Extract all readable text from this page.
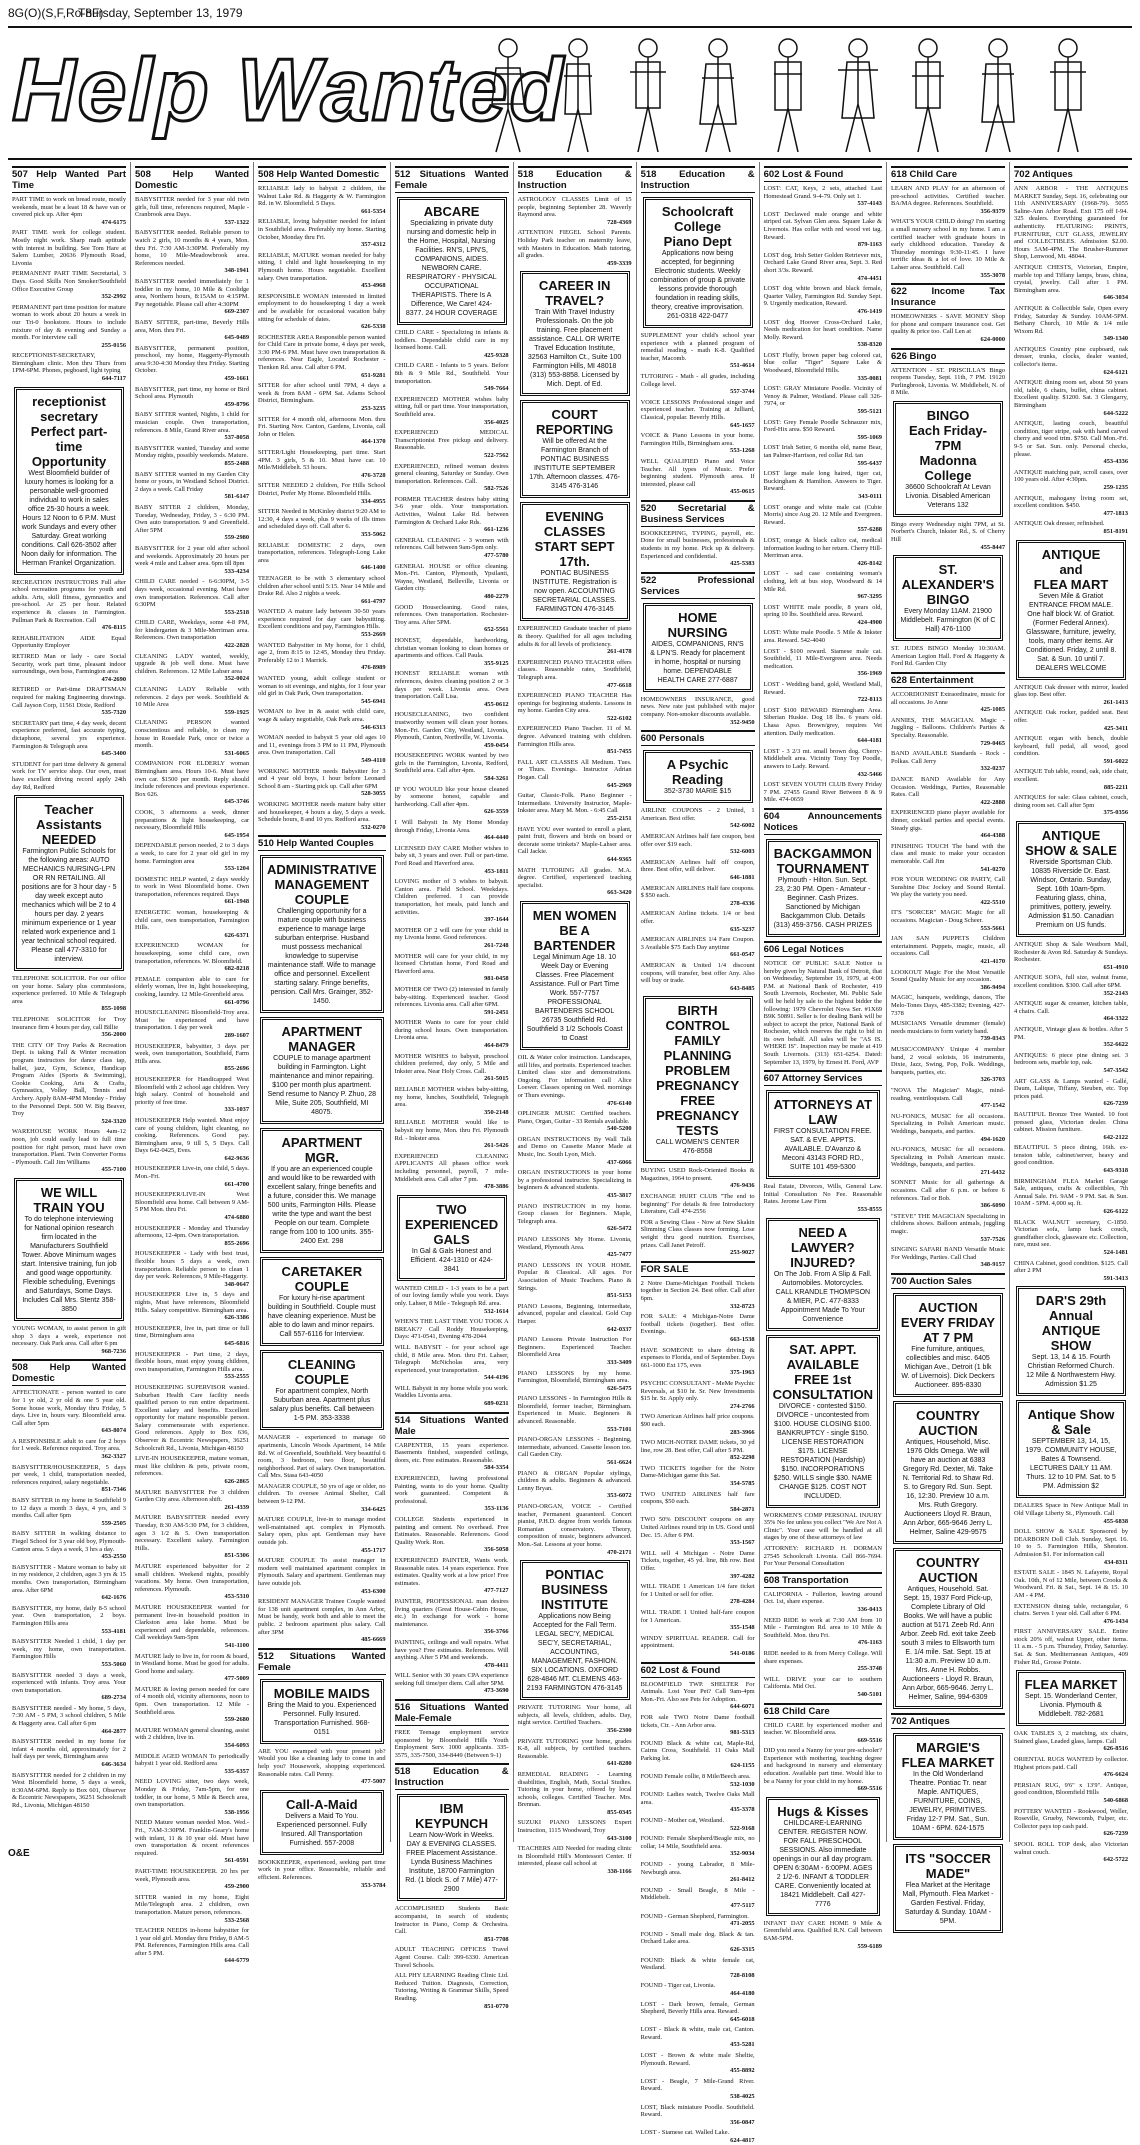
8G(O)(S,F,Ro-8F)
Thursday, September 13, 1979
Help Wanted
507 Help Wanted Part Time
PART TIME to work on bread route, mostly weekends, must be a least 18 & have van or covered pick up. After 4pm
474-6175
PART TIME work for college student. Mostly night work. Sharp math aptitude with interest in building. See Tom Hare at Salem Lumber, 20636 Plymouth Road, Livonia
PERMANENT PART TIME Secretarial, 3 Days. Good Skills Non Smoker/Southfield Office Executive Group
352-2992
PERMANENT part time position for mature woman to work about 20 hours a week in our Tri-0 bookstore. Hours to include mixture of day & evening and Sunday a month. For interview call
255-0156
RECEPTIONIST-SECRETARY, Birmingham clinic. Mon thru Thurs from 1PM-6PM. Phones, pegboard, light typing
644-7117
receptionist
secretary
Perfect part-time Opportunity
West Bloomfield builder of luxury homes is looking for a personable well-groomed individual to work in sales office 25-30 hours a week. Hours 12 Noon to 6 P.M. Must work Sundays and every other Saturday. Great working conditions. Call 626-3502 after Noon daily for information. The Herman Frankel Organization.
RECREATION INSTRUCTORS Full after school recreation programs for youth and adults. Arts, skill fitness, gymnastics and pre-school. Ar 25 per hour. Related experience & classes in Farmington. Pullman Park & Recreation. Call
476-8115
REHABILITATION AIDE Equal Opportunity Employer
RETIRED Man or lady - care Social Security, work part time, pleasant indoor surroundings, own boss, Farmington area
474-2690
RETIRED or Part-time DRAFTSMAN required for making Engineering drawings. Call Jayson Corp, 11561 Dixie, Redford
535-7320
SECRETARY part time, 4 day week, decent experience preferred, fast accurate typing, dictaphone, several yrs experience. Farmington & Telegraph area
645-3400
STUDENT for part time delivery & general work for TV service shop. Our own, must have excellent driving record apply 24th day Rd, Redford
Teacher Assistants NEEDED
Farmington Public Schools for the following areas: AUTO MECHANICS NURSING-LPN OR RN RETAILING. All positions are for 3 hour day - 5 day week except auto mechanics which will be 2 to 4 hours per day. 2 years minimum experience or 1 year related work experience and 1 year technical school required. Please call 477-3310 for interview.
TELEPHONE SOLICITOR. For our office on your home. Salary plus commissions, experience preferred. 10 Mile & Telegraph area
855-1098
TELEPHONE SOLICITOR for Troy insurance firm 4 hours per day, call Billie
356-2000
THE CITY OF Troy Parks & Recreation Dept. is taking Fall & Winter recreation program instructors for dance class tap, ballet, jazz, Gym, Science, Handicap Program Aides (Sports & Swimming), Cookie Cooking, Arts & Crafts, Gymnastics, Volley Ball, Tennis and Archery. Apply 8AM-4PM Monday - Friday to the Personnel Dept. 500 W. Big Beaver, Troy
524-3320
WAREHOUSE WORK Hours 4am-12 noon, job could easily lead to full time position for right person, must have own transportation. Plant. Twin Converter Forms - Plymouth. Call Jim Williams
455-7100
WE WILL TRAIN YOU
To do telephone interviewing for National opinion research firm located in the Manufacturers Southfield Tower. Above Minimum wages start. Intensive training, fun job and good wage opportunity. Flexible scheduling, Evenings and Saturdays, Some Days. Includes Call Mrs. Stentz 358-3850
YOUNG WOMAN, to assist person in gift shop 3 days a week, experience not necessary. Oak Park area. Call after 6 pm
968-7236
508 Help Wanted Domestic
AFFECTIONATE - person wanted to care for 1 yr old, 2 yr old & one 5 year old. Some house work, Monday thru Friday, 5 days. Live in, hours vary. Bloomfield area. Call after 5pm
643-8074
A RESPONSIBLE adult to care for 2 boys for 1 week. Reference required. Troy area.
362-3327
BABYSITTER/HOUSEKEEPER, 5 days per week, 1 child, transportation needed, references required, salary negotiable.
851-7346
BABY SITTER in my home in Southfield 9 to 12 days a month 3 days, 4 yrs, and 3 months. Call after 6pm
559-2505
BABY SITTER in walking distance to Fiegel School for 3 year old boy, Plymouth-Canton area. 5 days a week, 3 hrs a day.
453-2550
BABYSITTER - Mature woman to baby sit in my residence, 2 children, ages 3 yrs & 15 months. Own transportation, Birmingham area. After 6PM
642-1676
BABYSITTER, my home, daily 8-5 school year. Own transportation, 2 boys. Farmington Hills area
553-4181
BABYSITTER Needed 1 child, 1 day per week, my home, own transportation. Farmington Hills
553-5060
BABYSITTER needed 3 days a week, experienced with infants. Troy area. Your own transportation.
689-2734
BABYSITTER needed - My home, 5 days, 7:30 AM - 5 PM, 3 school children, 5 Mile & Haggerty area. Call after 6 pm
464-2877
BABYSITTER needed in my home for infant 4 months old, approximately for 2 half days per week, Birmingham area
646-3634
BABYSITTER needed for 2 children in my West Bloomfield home, 5 days a week, 8:30AM-6PM. Reply to Box 601, Observer & Eccentric Newspapers, 36251 Schoolcraft Rd., Livonia, Michigan 48150
508 Help Wanted Domestic
BABYSITTER needed for 3 year old twin girls, full time, references required, Maple - Cranbrook area Days.
537-1322
BABYSITTER needed. Reliable person to watch 2 girls, 10 months & 4 years, Mon. thru Fri. 7:30 AM-3:30PM. Preferably my home, 10 Mile-Meadowbrook area. References needed.
348-1941
BABYSITTER needed immediately for 1 toddler in my home, 10 Mile & Coolidge area, Northern hours, 8:15AM to 4:15PM. Pay negotiable. Please call after 4:30PM
669-2307
BABY SITTER, part-time, Beverly Hills area, Mon. thru Fri.
645-0489
BABYSITTER, permanent position, preschool, my home, Haggerty-Plymouth area 9:30-4:30 Monday thru Friday. Starting October.
459-1661
BABYSITTER, part time, my home or Bird School area. Plymouth
459-8796
BABY SITTER wanted, Nights, 1 child for musician couple. Own transportation, references. 8 Mile, Grand River area.
537-8058
BABYSITTER wanted, Tuesday and some Monday nights, possibly weekends. Mature.
855-2488
BABY SITTER wanted in my Garden City home or yours, in Westland School District. 2 days a week. Call Friday
581-6147
BABY SITTER 2 children, Monday, Tuesday, Wednesday, Friday, 3 - 6:30 PM. Own auto transportation. 9 and Greenfield. After 5PM
559-2980
BABYSITTER for 2 year old after school and weekends. Approximately 20 hours per week 4 mile and Lahser area. 6pm till 8pm
533-4234
CHILD CARE needed - 6-6:30PM, 3-5 days week, occasional evening. Must have own transportation. References. Call after 6:30PM
553-2518
CHILD CARE, Weekdays, some 4-8 PM, for kindergarten & 3 Mile-Merriman area. References. Own transportation
422-2828
CLEANING LADY wanted, weekly, upgrade & job well done. Must have children. References. 12 Mile Lahser area
352-0024
CLEANING LADY Reliable with references. 2 days per week. Southfield & 10 Mile Area
559-1925
CLEANING PERSON wanted conscientious and reliable, to clean my house in Rosedale Park, once or twice a month.
531-6065
COMPANION FOR ELDERLY woman Birmingham area. Hours 10-6. Must have own car. $1500 per month. Reply should include references and previous experience. Box 626.
645-3746
COOK, 3 afternoons a week, dinner preparations & light housekeeping, car necessary, Bloomfield Hills
645-1954
DEPENDABLE person needed, 2 to 3 days a week, to care for 2 year old girl in my home. Farmington area
553-1204
DOMESTIC HELP wanted, 2 days weekly to work in West Bloomfield home. Own transportation, references required. Days
661-1948
ENERGETIC woman, housekeeping & child care, own transportation, Farmington Hills.
626-6371
EXPERIENCED WOMAN for housekeeping, some child care, own transportation, references. W. Bloomfield.
682-8218
FEMALE companion able to care for elderly woman, live in, light housekeeping, cooking, laundry. 12 Mile-Greenfield area.
661-0796
HOUSECLEANING Bloomfield-Troy area. Must be experienced and have transportation. 1 day per week
289-1607
HOUSEKEEPER, babysitter, 3 days per week, own transportation, Southfield, Farm Hills area.
855-2696
HOUSEKEEPER for Handicapped West Bloomfield with 2 school age children. Very high salary. Control of household and priority of free time.
333-1037
HOUSEKEEPER Help wanted. Must enjoy care of young children, light cleaning, no cooking. References. Good pay. Birmingham area, 9 till 5, 5 Days. Call Days 642-0425, Eves.
642-9636
HOUSEKEEPER Live-in, one child, 5 days. Mon.-Fri.
661-4700
HOUSEKEEPER/LIVE-IN West Bloomfield area home. Call between 9 AM-5 PM Mon. thru Fri.
474-6880
HOUSEKEEPER - Monday and Thursday afternoons, 12-4pm. Own transportation.
855-2696
HOUSEKEEPER - Lady with best trust, flexible hours 5 days a week, own transportation. Reliable person to clean 1 day per week. References, 9 Mile-Haggerty.
348-0647
HOUSEKEEPER Live in, 5 days and nights, Must have references, Bloomfield Hills. Salary competitive. Birmingham area.
626-3386
HOUSEKEEPER, live in, part time or full time, Birmingham area
645-6816
HOUSEKEEPER - Part time, 2 days, flexible hours, must enjoy young children, own transportation, Farmington Hills area.
553-2555
HOUSEKEEPING SUPERVISOR wanted. Suburban Health Care facility needs qualified person to run entire department. Excellent salary and benefits. Excellent opportunity for mature responsible person. Salary commensurate with experience. Good references. Apply to Box 636, Observer & Eccentric Newspapers, 36251 Schoolcraft Rd., Livonia, Michigan 48150
LIVE-IN HOUSEKEEPER, mature woman, must like children & pets, private room, references.
626-2865
MATURE BABYSITTER For 3 children Garden City area. Afternoon shift.
261-4339
MATURE BABYSITTER needed every Tuesday, 8:30 AM-5:30 PM, for 3 children, ages 3 1/2 & 5. Own transportation necessary. Excellent salary. Farmington Hills.
851-5306
MATURE experienced babysitter for 2 small children. Weekend nights, possibly vacations. My home. Own transportation, references. Plymouth.
453-5310
MATURE HOUSEKEEPER wanted for permanent live-in household position in Clarkston area lake home. Must be experienced and dependable, references. Call weekdays 9am-5pm
541-1100
MATURE lady to live in, for room & board, in Westland home. Must be good for adults. Good home and salary.
477-5009
MATURE & loving person needed for care of 4 month old, vicinity afternoons, noon to 6pm. Own transportation. 12 Mile - Southfield area.
559-2680
MATURE WOMAN general cleaning, assist with 2 children, live in.
354-6093
MIDDLE AGED WOMAN To periodically babysit 1 year old. Redford area
535-6357
NEED LOVING sitter, two days week, Monday & Friday, 7am-5pm, for one toddler, in our home, 5 Mile & Beech area, own transportation.
538-1956
NEED Mature woman needed Mon. Wed.-Fri., 7AM-3:30PM. Franklin-Geary's home with infant, 11 & 10 year old. Must have own transportation & recent references required.
561-0591
PART-TIME HOUSEKEEPER. 20 hrs per week, Plymouth area.
459-2900
SITTER wanted in my home, Eight Mile/Telegraph area. 2 children, own transportation. Mature person, references.
533-2568
TEACHER NEEDS in-home babysitter for 1 year old girl. Monday thru Friday, 8 AM-5 PM. References, Farmington Hills area. Call after 5 PM.
644-6779
508 Help Wanted Domestic
RELIABLE lady to babysit 2 children, the Walnut Lake Rd. & Haggerty & W. Farmington Rd. in W. Bloomfield. 5 Days.
661-5354
RELIABLE, loving babysitter needed for infant in Southfield area. Preferably my home. Starting October, Monday thru Fri.
357-4312
RELIABLE, MATURE woman needed for baby sitting, 1 child and light housekeeping in my Plymouth home. Hours negotiable. Excellent salary. Own transportation.
453-4968
RESPONSIBLE WOMAN interested in limited employment to do housekeeping 1 day a week and be available for occasional vacation baby sitting for schedule of dates.
626-5338
ROCHESTER AREA Responsible person wanted for Child Care in private home, 4 days per week, 3:30 PM-6 PM. Must have own transportation & references. Near Eagle, Located Rochester - Tienken Rd. area. Call after 6 PM.
651-9281
SITTER for after school until 7PM, 4 days a week & from 8AM - 6PM Sat. Adams School District, Birmingham.
253-3235
SITTER for 4 month old, afternoons Mon. thru Fri. Starting Nov. Canton, Gardens, Livonia, call John or Helen.
464-1370
SITTER/Light Housekeeping, part time. Start 4PM. 3 girls, 5 & 10. Must have car. 10 Mile/Middlebelt. 53 hours.
476-3728
SITTER NEEDED 2 children, For Hills School District, Prefer My Home. Bloomfield Hills.
334-4955
SITTER Needed in McKinley district 9:20 AM to 12:30, 4 days a week, plus 9 weeks of ills times and scheduled days off. Call after 6.
353-5062
RELIABLE DOMESTIC 2 days, own transportation, references. Telegraph-Long Lake area
646-1400
TEENAGER to be with 3 elementary school children after school until 5:15. Near 14 Mile and Drake Rd. Also 2 nights a week.
661-4797
WANTED A mature lady between 30-50 years experience required for day care babysitting. Excellent conditions and pay, Farmington Hills.
553-2669
WANTED Babysitter in My home, for 1 child, age 2, from 8:15 to 12:45, Monday thru Friday. Preferably 12 to 1 Marrick.
476-8989
WANTED young, adult college student or woman to sit evenings, and nights, for 1 four year old girl in Oak Park, Own transportation.
545-6941
WOMAN to live in & assist with child care, wage & salary negotiable, Oak Park area.
546-6313
WOMAN needed to babysit 5 year old ages 10 and 11, evenings from 3 PM to 11 PM, Plymouth area. Own transportation. Call
549-4110
WORKING MOTHER needs Babysitter for 3 and 4 year old boys, 1 hour before Leonard School 8 am - Starting pick up. Call after 6PM
528-3055
WORKING MOTHER needs mature baby sitter and housekeeper, 4 hours a day, 5 days a week. Schedule hours, 8 and 10 yrs. Redford area.
532-0270
510 Help Wanted Couples
ADMINISTRATIVE MANAGEMENT COUPLE
Challenging opportunity for a mature couple with business experience to manage large suburban enterprise. Husband must possess mechanical knowledge to supervise maintenance staff. Wife to manage office and personnel. Excellent starting salary. Fringe benefits, pension. Call Mrs. Grainger, 352-1450.
APARTMENT MANAGER
COUPLE to manage apartment building in Farmington. Light maintenance and minor repairing. $100 per month plus apartment. Send resume to Nancy P. Zhuo, 28 Mile, Suite 205, Southfield, MI 48075.
APARTMENT MGR.
If you are an experienced couple and would like to be rewarded with excellent salary, fringe benefits and a future, consider this. We manage 500 units, Farmington Hills. Please write the type and want the best People on our team. Complete range from 100 to 100 units. 355-2400 Ext. 298
CARETAKER COUPLE
For luxury hi-rise apartment building in Southfield. Couple must have cleaning experience. Must be able to do lawn and minor repairs. Call 557-6116 for Interview.
CLEANING COUPLE
For apartment complex, North Suburban area. Apartment plus salary plus benefits. Call between 1-5 PM. 353-3338
MANAGER - experienced to manage 60 apartments, Lincoln Woods Apartment, 14 Mile Rd. W. of Greenfield, Southfield. Very beautiful 6 room, 3 bedroom, two floor, beautiful neighborhood. Part of salary. Own transportation. Call Mrs. Stasa 643-4050
MANAGER COUPLE, 50 yrs of age or older, no children. To oversee Animal Shelter, Call between 9-12 PM.
334-6425
MATURE COUPLE, live-in to manage modest well-maintained apt. complex in Plymouth. Salary open, plus apt. Gentleman may have outside job.
455-1717
MATURE COUPLE To assist manager in modern well maintained apartment complex in Plymouth. Salary and apartment. Gentleman may have outside job.
453-6300
RESIDENT MANAGER Trainee Couple wanted for 138 unit apartment complex, in Ann Arbor, Must be handy, work both and able to meet the public. 2 bedroom apartment plus salary. Call after 3PM
485-6669
512 Situations Wanted Female
MOBILE MAIDS
Bring the Maid to you. Experienced Personnel. Fully Insured. Transportation Furnished. 968-0151
ARE YOU swamped with your present job? Would you like a cleaning lady to come in and help you? Housework, shopping experienced. Reasonable rates. Call Penny.
477-5007
Call-A-Maid
Delivers a Maid To You. Experienced personnel. Fully Insured. All Transportation Furnished. 557-2008
BOOKKEEPER, experienced, seeking part time work in your office. Reasonable, reliable and efficient. References.
353-3784
512 Situations Wanted Female
ABCARE
Specializing in private duty nursing and domestic help in the Home, Hospital, Nursing Facilities. RN'S, LPN'S, COMPANIONS, AIDES. NEWBORN CARE. RESPIRATORY - PHYSICAL OCCUPATIONAL THERAPISTS. There Is A Difference, We Care! 424-8377. 24 HOUR COVERAGE
CHILD CARE - Specializing in infants & toddlers. Dependable child care in my licensed home. Call.
425-9328
CHILD CARE - Infants to 5 years. Before 8th & 9 Mile Rd., Southfield. Your transportation.
549-7664
EXPERIENCED MOTHER wishes baby sitting, full or part time. Your transportation, Southfield area.
356-4025
EXPERIENCED MEDICAL Transcriptionist Free pickup and delivery. Reasonable.
522-7562
EXPERIENCED, refined woman desires general cleaning, Saturday or Sunday. Own transportation. References. Call.
582-7526
FORMER TEACHER desires baby sitting 3-6 year olds. Your transportation. Activities, Walnut Lake Rd. between Farmington & Orchard Lake Rds.
661-1236
GENERAL CLEANING - 3 women with references. Call between 9am-5pm only.
477-5780
GENERAL HOUSE or office cleaning. Mon.-Fri. Canton, Plymouth, Ypsilanti, Wayne, Westland, Belleville, Livonia or Garden city.
480-2279
GOOD Housecleaning. Good rates, references. Own transportation. Rochester-Troy area. After 5PM.
652-5561
HONEST, dependable, hardworking, christian woman looking to clean homes or apartments and offices. Call Paula.
355-9125
HONEST RELIABLE woman with references, desires cleaning position 2 or 3 days per week. Livonia area. Own transportation. Call Lisa.
455-0612
HOUSECLEANING, two confident trustworthy women will clean your homes. Mon.-Fri. Garden City, Westland, Livonia, Plymouth, Canton, Northville, W. Livonia.
459-0454
HOUSEKEEPING WORK wanted by two girls in the Farmington, Livonia, Redford, Southfield area. Call after 4pm.
584-3261
IF YOU WOULD like your house cleaned by someone honest, capable and hardworking. Call after 4pm.
626-3559
I Will Babysit In My Home Monday through Friday, Livonia Area.
464-4440
LICENSED DAY CARE Mother wishes to baby sit, 3 years and over. Full or part-time. Ford Road and Haverford area.
453-1811
LOVING mother of 3 wishes to babysit. Canton area. Field School. Weekdays. Children preferred. I can provide transportation, hot meals, paid lunch and activities.
397-1644
MOTHER OF 2 will care for your child in my Livonia home. Good references.
261-7248
MOTHER will care for your child, in my licensed Christian home, Ford Road and Haverford area.
981-0458
MOTHER OF TWO (2) interested in family baby-sitting. Experienced teacher. Good references. Livonia area. Call after 6PM.
591-2451
MOTHER Wants to care for your child during school hours. Own transportation. Livonia area.
464-8479
MOTHER WISHES to babysit, preschool children preferred, day only, 5 Mile and Inkster area. Near Holy Cross. Call.
261-5015
RELIABLE MOTHER wishes baby-sitting, my home, lunches, Southfield, Telegraph area.
350-2148
RELIABLE MOTHER would like to babysit my home, Mon. thru Fri. Plymouth Rd. - Inkster area.
261-5426
EXPERIENCED CLEANING APPLICANTS All phases office work including personnel, payroll, 7 mile-Middlebelt area. Call after 7 pm.
478-3886
TWO EXPERIENCED GALS
In Gal & Gals Honest and Efficient. 424-1310 or 424-3841
WANTED CHILD - 1-3 years to be a part of our loving family while you work. Days only. Lahser, 8 Mile - Telegraph Rd. area.
532-1614
WHEN'S THE LAST TIME YOU TOOK A BREAK?? Call Roddy Housekeeping, Days: 471-0541, Evening 478-2044
WILL BABYSIT - for your school age child, 8 Mile area. Mon. thru Fri. Lahser, Telegraph McNicholas area, very experienced, your transportation.
544-4196
WILL Babysit in my home while you work. Waddles Livonia area.
689-0231
514 Situations Wanted Male
CARPENTER, 15 years experience. Basements finished, suspended ceilings, doors, etc. Free estimates. Reasonable.
584-3354
EXPERIENCED, having professional Painting, wants to do your home. Quality work guaranteed. Competent & professional.
353-1136
COLLEGE Students experienced in painting and cement. No overhead. Free Estimates. Reasonable. References. Good Quality Work. Ron.
356-5058
EXPERIENCED PAINTER, Wants work. Reasonable rates. 14 years experience. Free estimates. Quality work at a low price! Free estimates.
477-7127
PAINTER, PROFESSIONAL man desires living quarters (Great House-Cabin House, etc.) In exchange for work - home maintenance.
356-3766
PAINTING, ceilings and wall repairs. What have you? Free estimates. References. Will anything. After 5 PM and weekends.
478-4411
WILL Senior with 30 years CPA experience seeking full time/per diem. Call after 5PM.
473-3690
516 Situations Wanted Male-Female
FREE Teenage employment service sponsored by Bloomfield Hills Youth Employment Serv. 1000 applicants. 335-3575, 335-7500, 334-8449 (Between 9-1)
518 Education & Instruction
IBM KEYPUNCH
Learn Now-Work in Weeks. DAY & EVENING CLASSES. FREE Placement Assistance. Lynda Business Machines Institute, 18700 Farmington Rd. (1 block S. of 7 Mile) 477-2900
ACCOMPLISHED Students Basic accompanist, in search of students; Instructor in Piano, Comp & Orchestra. Call.
851-7708
ADULT TEACHING OFFICES Travel Agent Course. Call: 399-6330. American Travel Schools.
ALL PHY LEARNING Reading Clinic Ltd. Reduced Tuition. Diagnosis, Correction, Tutoring, Writing & Grammar Skills, Speed Reading.
851-0770
518 Education & Instruction
ASTROLOGY CLASSES Limit of 15 people, beginning September 28. Waverly Raymond area.
728-4369
ATTENTION FIEGEL School Parents. Holiday Park teacher on maternity leave, with Masters in Education. Math tutoring, all grades.
459-3339
CAREER IN TRAVEL?
Train With Travel Industry Professionals. On the job training. Free placement assistance. CALL OR WRITE Travel Education Institute, 32563 Hamilton Ct., Suite 100 Farmington Hills, MI 48018 (313) 553-8858. Licensed by Mich. Dept. of Ed.
COURT REPORTING
Will be offered At the Farmington Branch of PONTIAC BUSINESS INSTITUTE SEPTEMBER 17th. Afternoon classes. 476-3145 476-3146
EVENING CLASSES START SEPT 17th.
PONTIAC BUSINESS INSTITUTE. Registration is now open. ACCOUNTING SECRETARIAL CLASSES. FARMINGTON 476-3145
EXPERIENCED Graduate teacher of piano & theory. Qualified for all ages including adults & for all levels of proficiency.
261-4178
EXPERIENCED PIANO TEACHER offers classes. Reasonable rates, Southfield, Telegraph area.
477-6618
EXPERIENCED PIANO TEACHER Has openings for beginning students. Lessons in my home. Garden City area.
522-6102
EXPERIENCED Piano Teacher. 11 of M. degree. Advanced training with children. Farmington Hills area.
851-7455
FALL ART CLASSES All Medium. Tues. or Thurs. Evenings. Instructor Adrian Hogan. Call
645-2969
Guitar, Classic-Folk. Piano Beginner - Intermediate. University Instructor, Maple-Inkster area. Mary M. Mon. - 6:45 Call
255-2151
HAVE YOU ever wanted to enroll a plant, paint fruit, flowers and birds on board or decorate some trinkets? Maple-Lahser area. Call Jackie.
644-9365
MATH TUTORING All grades. M.A. degree. Certified, experienced teaching specialist.
663-3420
MEN WOMEN
BE A BARTENDER
Legal Minimum Age 18. 10 Week Day or Evening Classes. Free Placement Assistance. Full or Part Time Work. 557-7757 PROFESSIONAL BARTENDERS SCHOOL 26735 Southfield Rd. Southfield 3 1/2 Schools Coast to Coast
OIL & Water color instruction. Landscapes, still lifes, and portraits. Experienced teacher. Limited class size and demonstrations. Ongoing. For information call Alice Loewer. Classes opening on Wed. mornings or Thurs evenings.
476-6140
OPLINGER MUSIC Certified teachers. Piano, Organ, Guitar - 33 Rentals available.
540-5200
ORGAN INSTRUCTIONS By Wall Talk and Demo on Cassette Manor Made at Music, Inc. South Lyon, Mich.
437-6066
ORGAN INSTRUCTIONS in your home by a professional instructor. Specializing in beginners & advanced students.
435-3817
PIANO INSTRUCTION in my home. Group classes for Beginners. Maple, Telegraph area.
626-5472
PIANO LESSONS My Home. Livonia, Westland, Plymouth Area.
425-7477
PIANO LESSONS IN YOUR HOME. Popular & Classical. All ages. For Association of Music Teachers. Piano & Strings.
851-5153
PIANO Lessons, Beginning, intermediate, advanced, popular and classical. Gold Cup Harper.
642-0337
PIANO Lessons Private Instruction For Beginners. Experienced Teacher. Bloomfield Area
333-3409
PIANO LESSONS by my home. Farmington, Bloomfield, Birmingham area.
626-5475
PIANO LESSONS - In Farmington Hills & Bloomfield, former teacher, Birmingham. Experienced in Music. Beginners & advanced. Reasonable.
553-7101
PIANO-ORGAN LESSONS - Beginning, intermediate, advanced. Cassette lesson too. Call Garden City.
561-6624
PIANO & ORGAN Popular stylings, children & adults. Beginners & advanced. Lenny Bryan.
353-6072
PIANO-ORGAN, VOICE - Certified teacher, Permanent guaranteed. Concert pianist, P.H.D. degree from worlds famous Romanian conservatory. Theory, composition of music, beginners advanced. Mon.-Sat. Lessons at your home.
470-2171
PONTIAC BUSINESS INSTITUTE
Applications now Being Accepted for the Fall Term. LEGAL SEC'Y, MEDICAL SEC'Y, SECRETARIAL, ACCOUNTING, MANAGEMENT, FASHION. SIX LOCATIONS. OXFORD 628-4846 MT. CLEMENS 463-2193 FARMINGTON 476-3145
PRIVATE TUTORING Your home, all subjects, all levels, children, adults. Day, night service. Certified Teachers.
356-2300
PRIVATE TUTORING your home, grades K-8, all subjects, by certified teachers. Reasonable.
641-8280
REMEDIAL READING - Learning disabilities, English, Math, Social Studies. Tutoring in your home, offered by local schools, colleges. Certified Teacher. Mrs. Brennan.
855-0345
SUZUKI PIANO LESSONS Expert Instruction, 1115 Woodward, Troy
643-3100
TEACHERS AID Needed for reading clinic in Bloomfield Hill's Montessori Center. If interested, please call school at
338-1166
518 Education & Instruction
Schoolcraft College
Piano Dept
Applications now being accepted, for beginning Electronic students. Weekly combination of group & private lessons provide thorough foundation in reading skills, theory, creative improvisation. 261-0318 422-0477
SUPPLEMENT your child's school year experience with a planned program of remedial reading - math K-8. Qualified teacher, Macomb.
551-4614
TUTORING - Math - all grades, including College level.
557-3744
VOICE LESSONS Professional singer and experienced teacher. Training at Julliard, Classical, popular. Beverly Hills.
645-1657
VOICE & Piano Lessons in your home. Farmington Hills, Birmingham area.
553-1268
WELL QUALIFIED Piano and Voice Teacher. All types of Music. Prefer beginning student. Plymouth area. If interested, please call
455-0615
520 Secretarial & Business Services
BOOKKEEPING, TYPING, payroll, etc. Done for small businesses, professionals & students in my home. Pick up & delivery. Experienced and confidential.
425-5383
522 Professional Services
HOME NURSING
AIDES, COMPANIONS, RN'S & LPN'S. Ready for placement in home, hospital or nursing home. DEPENDABLE HEALTH CARE 277-6887
HOMEOWNERS INSURANCE, good news. New rate just published with major company. Non-smoker discounts available.
352-9450
600 Personals
A Psychic Reading
352-3730 MARIE $15
AIRLINE COUPONS - 2 United, 1 American. Best offer.
542-6002
AMERICAN Airlines half fare coupon, best offer over $19 each.
532-6003
AMERICAN Airlines half off coupon, three. Best offer, will deliver.
646-1881
AMERICAN AIRLINES Half fare coupons. $ $50 each.
278-4336
AMERICAN Airline tickets. 1/4 or best offer.
635-3237
AMERICAN AIRLINES 1/4 Fare Coupon. 3 Available $75 Each Day anytime
661-0547
AMERICAN & United 1/4 discount coupons, will transfer, best offer Any. Also will buy or trade.
643-8485
BIRTH CONTROL
FAMILY PLANNING
PROBLEM PREGNANCY
FREE PREGNANCY TESTS
CALL WOMEN'S CENTER 476-8558
BUYING USED Rock-Oriented Books & Magazines, 1964 to present.
476-9436
EXCHANGE HURT CLUB "The end to beginning" For details & free Introductory Literature, Call 474-2556
FOR a Sewing Class - Now at New Skakin Slimming Class classes now forming. Lose weight thru good nutrition. Exercises, prizes. Call Janet Petroff.
253-9027
FOR SALE
2 Notre Dame-Michigan Football Tickets together in Section 24. Best offer. Call after 6pm.
332-8723
FOR SALE: 4 Michigan-Notre Dame football tickets (together). Best offer. Evenings.
663-1538
HAVE SOMEONE to share driving & expenses to Florida, end of September. Days 661-1000 Ext 175, eves
375-1963
PSYCHIC CONSULTANT - MeMe Psychic Reversals, at $10 hr. Sr. New Investments $15 hr. Sr. Apply only.
274-2766
TWO American Airlines half price coupons. $90 each.
283-3966
TWO MICH-NOTRE DAME tickets, 30 yd line, row 28. Best offer, Call after 5 PM.
852-2298
TWO TICKETS together for the Notre Dame-Michigan game this Sat.
354-5785
TWO UNITED AIRLINES half fare coupons, $50 each.
584-2871
TWO 50% DISCOUNT coupons on any United Airlines round trip in US. Good until Dec. 15. After 6 PM.
353-1567
WILL sell 4 Michigan - Notre Dame Tickets, together, 45 yd. line, 8th row. Best Offer.
397-4282
WILL TRADE 1 American 1/4 fare ticket for 1 United or sell for offer.
278-4284
WILL TRADE 1 United half-fare coupon for 1 American.
355-1548
WINDY SPIRITUAL READER. Call for appointment.
541-0186
602 Lost & Found
BLOOMFIELD TWP. SHELTER For Animals. Lost Your Pet? Call 9am-4pm Mon.-Fri. Also see Pets for Adoption.
644-6071
FOR sale TWO Notre Dame football tickets, Ctr. - Ann Arbor area.
981-5313
FOUND Black & white cat, Maple-Rd, Cairns Cross, Southfield. 11 Oaks Mall Parking lot.
624-1155
FOUND Female collie, 8 Mile/Beech area.
532-1030
FOUND: Ladies watch, Twelve Oaks Mall area.
435-3378
FOUND - Mother cat, Westland.
522-9168
FOUND: Female Shepherd/Beagle mix, no collar, 14 Mile, Southfield area.
352-9034
FOUND - young Labrador, 8 Mile-Newburgh area.
261-8412
FOUND - Small Beagle, 8 Mile - Middlebelt.
477-5117
FOUND - German Shepherd, Farmington.
471-2055
FOUND - Small male dog. Black & tan. Orchard Lake area.
626-3315
FOUND: Black & white female cat, Westland.
728-8108
FOUND - Tiger cat, Livonia.
464-4180
LOST - Dark brown, female, German Shepherd, Beverly Hills area. Reward.
645-6018
LOST - Black & white, male cat, Canton. Reward.
453-5281
LOST - Brown & white male Sheltie, Plymouth. Reward.
455-8892
LOST - Beagle, 7 Mile-Grand River. Reward.
538-4025
LOST, Black miniature Poodle. Southfield. Reward.
356-0847
LOST - Siamese cat. Walled Lake.
624-4817
602 Lost & Found
LOST: CAT, Keys, 2 sets, attached Last Homestead Grand. 9-4-79. Only set 1.
537-4143
LOST Declawed male orange and white striped cat. Sylvan Glen area. Square Lake & Livernois. Has collar with red wood vet tag. Reward.
879-1163
LOST dog, Irish Setter Golden Retriever mix, Orchard Lake Grand River area, Sept. 3. Red short 3/3s. Reward.
474-4451
LOST dog white brown and black female, Quarter Valley, Farmington Rd. Sunday Sept. 9. Urgently medication, Reward.
476-1419
LOST dog Hoover Cross-Orchard Lake, Needs medication for heart condition. Name Molly. Reward.
538-8320
LOST Fluffy, brown paper bag colored cat, blue collar "Tiger" Square Lake & Woodward, Bloomfield Hills.
335-0081
LOST: GRAY Miniature Poodle. Vicinity of Venoy & Palmer, Westland. Please call 326-7974, or
595-5121
LOST: Grey Female Poodle Schnauzer mix, Ford-Hix area. $50 Reward.
595-1069
LOST Irish Setter, 6 months old, name Bear, tan Palmer-Harrison, red collar Rd. tan
595-6437
LOST large male long haired, tiger cat, Buckingham & Hamilton. Answers to Tiger. Reward.
343-0111
LOST orange and white male cat (Cubie Morris) since Aug 20. 12 Mile and Evergreen. Reward.
557-6288
LOST, orange & black calico cat, medical information leading to her return. Cherry Hill-Merriman area.
426-8142
LOST - sad case containing woman's clothing, left at bus stop, Woodward & 14 Mile Rd.
967-3295
LOST WHITE male poodle, 8 years old, spring 10 lbs. Southfield area. Reward.
424-4900
LOST: White male Poodle. 5 Mile & Inkster area. Reward. 542-4040
LOST - $100 reward. Siamese male cat. Southfield, 11 Mile-Evergreen area. Needs medication.
356-1969
LOST - Wedding band, gold, Westland Mall, Reward.
722-8113
LOST $100 REWARD Birmingham Area. Siberian Huskie. Dog 18 lbs. 6 years old. Lhasa Apso. Brown/grey, requires Vet attention. Daily medication.
644-4181
LOST - 3 2/3 mt. small brown dog. Cherry-Middlebelt area. Vicinity Tony Toy Poodle, answers to Lady. Reward.
432-5466
LOST SEVEN YOUTH CLUB Every Friday 7 PM. 27455 Grand River Between 8 & 9 Mile. 474-0659
604 Announcements Notices
BACKGAMMON
TOURNAMENT
Plymouth - Hilton. Sun. Sept. 23, 2:30 PM. Open - Amateur - Beginner. Cash Prizes. Sanctioned by Michigan Backgammon Club. Details (313) 459-3756. CASH PRIZES
606 Legal Notices
NOTICE OF PUBLIC SALE Notice is hereby given by Natural Bank of Detroit, that on Wednesday, September 19, 1979, at 4:00 P.M. at National Bank of Rochester, 419 South Livernois, Rochester, Mi. Public Sale will be held by sale to the highest bidder the following: 1979 Chevrolet Nova Ser. #1X69 B9K 50891. Seller is for dealing Bank will be subject to accept the price, National Bank of Rochester, which reserves the right to bid in its own behalf. All sales will be "AS IS. WHERE IS". Inspection may be made at 419 South Livernois. (313) 651-6254. Dated: September 13, 1979, by Ernest H. Ford, AVP
607 Attorney Services
ATTORNEYS AT LAW
FIRST CONSULTATION FREE. SAT. & EVE. APPTS. AVAILABLE. D'Avanzo & Meconi 43143 FORD RD., SUITE 101 459-5300
Real Estate, Divorces, Wills, General Law. Initial Consultation No Fee. Reasonable Rates. Jerome Law Firm
553-8555
NEED A LAWYER?
INJURED?
On The Job. From A Slip & Fall. Automobiles. Motorcycles. CALL KRANDLE THOMPSON & MIER, P.C. 477-8333 Appointment Made To Your Convenience
SAT. APPT. AVAILABLE
FREE 1st CONSULTATION
DIVORCE - contested $150. DIVORCE - uncontested from $100. HOUSE CLOSING $100. BANKRUPTCY - single $150. LICENSE RESTORATION $175. LICENSE RESTORATION (Hardship) $150. INCORPORATIONS $250. WILLS single $30. NAME CHANGE $125. COST NOT INCLUDED.
WORKMEN'S COMP PERSONAL INJURY 35% No fee unless you collect "We Are Not A Clinic". Your case will be handled at all stages by one of these attorneys of law
ATTORNEY: RICHARD H. DORMAN 27545 Schoolcraft Livonia. Call 866-7694. For Your Personal Consultation
608 Transportation
CALIFORNIA - Fullerton, leaving around Oct. 1st, share expense.
336-0413
NEED RIDE to work at 7:30 AM from 10 Mile - Farmington Rd. area to 10 Mile & Southfield. Mon. thru Fri.
476-1163
RIDE needed to & from Mercy College. Will share expenses.
255-3748
WILL DRIVE your car to southern California. Mid Oct.
540-5101
618 Child Care
CHILD CARE by experienced mother and teacher. W. Bloomfield area.
669-5516
DID you need a Nanny for your pre-schooler? Experience with mothering, teaching degree and background in nursery and elementary education. Available part time. Would like to be a Nanny for your child in my home.
669-5516
Hugs & Kisses
CHILDCARE-LEARNING CENTER. REGISTER NOW. FOR FALL PRESCHOOL SESSIONS. Also immediate openings in our all day program. OPEN 6:30AM - 6:00PM. AGES 2 1/2-6. INFANT & TODDLER CARE. Conveniently located at 18421 Middlebelt. Call 427-7776
INFANT DAY CARE HOME 9 Mile & Greenfield area. Qualified R.N. Call between 8AM-5PM.
559-6189
618 Child Care
LEARN AND PLAY for an afternoon of pre-school activities. Certified teacher. BA/MA degree. References. Southfield.
356-9379
WHAT'S YOUR CHILD doing? I'm starting a small nursery school in my home. I am a certified teacher with graduate hours in early childhood education. Tuesday & Thursday mornings 9:30-11:45. I have terrific ideas & a lot of love. 10 Mile & Lahser area. Southfield. Call
355-3078
622 Income Tax Insurance
HOMEOWNERS - SAVE MONEY Shop for phone and compare insurance cost. Get quality & price too. Call Len at
624-0000
626 Bingo
ATTENTION - ST. PRISCILLA'S Bingo reopens Tuesday, Sept. 11th, 7 PM. 19120 Purlingbrook, Livonia. W. Middlebelt, N. of 8 Mile.
BINGO
Each Friday-7PM
Madonna College
36600 Schoolcraft At Levan Livonia. Disabled American Veterans 132
Bingo every Wednesday night 7PM, at St. Norbert's Church, Inkster Rd., S. of Cherry Hill
455-8447
ST. ALEXANDER'S
BINGO
Every Monday 11AM. 21900 Middlebelt. Farmington (K of C Hall) 476-1100
ST. JUDES BINGO Monday 10:30AM. American Legion Hall. Ford & Haggerty & Ford Rd. Garden City
628 Entertainment
ACCORDIONIST Extraordinaire, music for all occasions. Jo Anne
425-1085
ANNIES, THE MAGICIAN. Magic - Juggling - Balloons. Children's Parties & Specialty. Reasonable.
729-0465
BAND AVAILABLE Standards - Rock - Polkas. Call Jerry
332-0237
DANCE BAND Available for Any Occasion. Weddings, Parties, Reasonable Rates. Call
422-2888
EXPERIENCED piano player available for dinner, cocktail parties and special events. Steady gigs.
464-4388
FINISHING TOUCH The band with the class and music to make your occasion memorable. Call Jim
541-0270
FOR YOUR WEDDING OR PARTY, Call Sunshine Disc Jockey and Sound Rental. We play the variety you need.
422-5510
IT'S "SORCER" MAGIC Magic for all occasions. Magician - Doug Scheer.
553-5661
JAN SAN PUPPETS Children entertainment. Puppets, magic, music, all occasions. Call
421-4170
LOOKOUT Magic For the Most Versatile Sound Quality Music for any occasion.
386-9494
MAGIC, banquets, weddings, dances, The Melo-Tones Days, 485-3382; Evening, 427-7378
MUSICIANS Versatile drummer (female) needs musicians to form variety band.
739-0343
MUSIC/COMPANY Unique 4 member band, 2 vocal soloists, 16 instruments, Dixie, Jazz, Swing, Pop, Folk. Weddings, banquets, parties, etc.
326-3703
"NOVA The Magician" Magic, mind-reading, ventriloquism. Call
477-1542
NU-FONICS, MUSIC for all occasions. Specializing in Polish American music. Weddings, banquets, and parties.
494-1620
NU-FONICS, MUSIC for all occasions. Specializing in Polish American music. Weddings, banquets, and parties.
271-6432
SONNET Music for all gatherings & occasions. Call after 6 p.m. or before 6 references. Tad or Bob.
386-6090
"STEVE" THE MAGICIAN Specializing in childrens shows. Balloon animals, juggling magic.
537-7526
SINGING SAFARI BAND Versatile Music For Weddings, Parties. Call Chad
348-9157
700 Auction Sales
AUCTION
EVERY FRIDAY AT 7 PM
Fine furniture, antiques, collectibles and misc. 6405 Michigan Ave., Detroit (1 blk W. of Livernois). Dick Deckers Auctioneer. 895-8330
COUNTRY AUCTION
Antiques, Household, Misc. 1976 Olds Omega. We will have an auction at 6383 Gregory Rd. Dexter, Mi. Take N. Territorial Rd. to Shaw Rd. S. to Gregory Rd. Sun. Sept. 16, 12:30. Preview 10 a.m. Mrs. Ruth Gregory. Auctioneers Lloyd R. Braun, Ann Arbor, 665-9646 Jerry L. Helmer, Saline 429-9575
COUNTRY AUCTION
Antiques, Household. Sat. Sept. 15, 1937 Ford Pick-up, Complete Library of Old Books. We will have a public auction at 5171 Zeeb Rd. Ann Arbor. Zeeb Rd. exit take Zeeb south 3 miles to Ellsworth turn E. 1/4 mile. Sat. Sept. 15 at 11:30 a.m. Preview 10 a.m. Mrs. Anne H. Robbs. Auctioneers - Lloyd R. Braun, Ann Arbor, 665-9646. Jerry L. Helmer, Saline, 994-6309
702 Antiques
MARGIE'S
FLEA MARKET
In the Old Wonderland Theatre. Pontiac Tr. near Maple. ANTIQUES, FURNITURE, COINS, JEWELRY, PRIMITIVES. Friday 12-7 PM. Sat., Sun. 10AM - 6PM. 624-1575
ITS "SOCCER MADE"
Flea Market at the Heritage Mall, Plymouth. Flea Market - Garden Festival. Friday, Saturday & Sunday. 10AM - 5PM.
702 Antiques
ANN ARBOR - THE ANTIQUES MARKET Sunday, Sept. 16, celebrating our 11th ANNIVERSARY (1968-79). 5055 Saline-Ann Arbor Road. Exit 175 off I-94. 325 dealers. Everything guaranteed for authenticity. FEATURING: PRINTS, FURNITURE, CUT GLASS, JEWELRY and COLLECTIBLES. Admission $2.00. Hours 5AM-4PM. The Brusher-Rummer Shop, Lenwood, Mi. 48044.
ANTIQUE CHESTS, Victorian, Empire, marble top and Tiffany lamps, brass, china, crystal, jewelry. Call after 1 PM. Birmingham area.
646-3034
ANTIQUE & Collectible Sale, Open every Friday, Saturday & Sunday. 10AM-5PM. Bethany Church, 10 Mile & 1/4 mile Wixom Rd.
349-1340
ANTIQUES Country pine cupboard, oak dresser, trunks, clocks, dealer wanted, collector's items.
624-6121
ANTIQUE dining room set, about 50 years old, table, 6 chairs, buffet, china cabinet. Excellent quality. $1200. Sat. 3 Glengarry, Birmingham
644-5222
ANTIQUE, lasting couch, beautiful condition, tiger stripe, oak with hand carved cherry and wood trim. $750. Call Mon.-Fri. 9-5 or Sat. Sun. only. Personal checks, please.
453-4336
ANTIQUE matching pair, scroll cases, over 100 years old. After 4:30pm.
259-1235
ANTIQUE, mahogany living room set, excellent condition. $450.
477-1813
ANTIQUE Oak dresser, refinished.
851-8191
ANTIQUE
and
FLEA MART
Seven Mile & Gratiot ENTRANCE FROM MALE. One half block W. of Gratiot. (Former Federal Annex). Glassware, furniture, jewelry, tools, many other items. Air Conditioned. Friday, 2 until 8. Sat. & Sun. 10 until 7. DEALERS WELCOME
ANTIQUE Oak dresser with mirror, leaded glass top. Best offer.
261-1413
ANTIQUE Oak rocker, padded seat. Best offer.
425-3411
ANTIQUE organ with bench, double keyboard, full pedal, all wood, good condition.
591-6022
ANTIQUE Tub table, round, oak, side chair, excellent.
885-2211
ANTIQUES for sale: Glass cabinet, couch, dining room set. Call after 5pm
375-0356
ANTIQUE SHOW & SALE
Riverside Sportsman Club. 10835 Riverside Dr. East. Windsor, Ontario. Sunday, Sept. 16th 10am-5pm. Featuring glass, china, primitives, pottery, jewelry. Admission $1.50. Canadian Premium on US funds.
ANTIQUE Shop & Sale Westborn Mall, Rochester & Avon Rd. Saturday & Sundays. Rochester.
651-4910
ANTIQUE SOFA, full size, walnut frame, excellent condition. $300. Call after 6PM.
352-2143
ANTIQUE sugar & creamer, kitchen table, 4 chairs. Call.
464-3322
ANTIQUE, Vintage glass & bottles. After 5 PM.
352-6622
ANTIQUES: 6 piece pine dining set. 3 bedroom sets, marble top, oak.
547-3542
ART GLASS & Lamps wanted - Gallé, Daum, Lalique, Tiffany, Steuben, etc. Top prices paid.
626-7239
BAUTIFUL Bronze Tree Wanted. 10 foot pressed glass, Victorian dealer. China cabinet. Mission furniture.
642-2122
BEAUTIFUL 5 piece dining, 16th. ex-tension table, cabinet/server, heavy and good condition.
643-9318
BIRMINGHAM FLEA Market Garage Sale, antiques, crafts & collectibles, 7th Annual Sale. Fri. 9AM - 9 PM. Sat. & Sun. 10AM - 5PM. 4,000 sq. ft.
626-6122
BLACK WALNUT secretary, C-1850. Victorian sofa, lamp back couch, grandfather clock, glassware etc. Collection, rare, must see.
524-1481
CHINA Cabinet, good condition. $125. Call after 2 PM
591-3413
DAR'S 29th Annual
ANTIQUE SHOW
Sept. 13, 14 & 15. Fourth Christian Reformed Church. 12 Mile & Northwestern Hwy. Admission $1.25
Antique Show & Sale
SEPTEMBER 13, 14, 15, 1979. COMMUNITY HOUSE, Bates & Townsend. LECTURES DAILY 11 AM. Thurs. 12 to 10 PM. Sat. to 5 PM. Admission $2
DEALERS Space in New Antique Mall in Old Village Liberty St., Plymouth. Call
455-6838
DOLL SHOW & SALE Sponsored by DEARBORN Doll Club. Sunday, Sept. 16. 10 to 5. Farmington Hills, Sheraton. Admission $1. For information call
434-8311
ESTATE SALE - 1845 N. Lafayette, Royal Oak. 10th, N of 12 Mile, between Crooks & Woodward. Fri. & Sat., Sept. 14 & 15. 10 AM - 4 PM.
EXTENSION dining table, rectangular, 6 chairs. Serves 1 year old. Call after 6 PM.
476-1434
FIRST ANNIVERSARY SALE. Entire stock 20% off, walnut Upper, other items. 11 a.m. - 5 p.m. Thursday, Friday, Saturday. Sat. & Sun. Mediterranean Antiques, 409 Fisher Rd., Grosse Pointe.
FLEA MARKET
Sept. 15. Wonderland Center, Livonia. Plymouth & Middlebelt. 782-2681
OAK TABLES 3, 2 matching, six chairs, Stained glass, Leaded glass, lamps. Call
626-8516
ORIENTAL RUGS WANTED by collector. Highest prices paid. Call
476-6624
PERSIAN RUG, 9'6" x 13'9". Antique, good condition, Bloomfield Hills
540-6868
POTTERY WANTED - Rookwood, Weller, Roseville, Grueby, Newcomb, Fulper, etc. Collector pays top cash paid.
626-7239
SPOOL ROLL TOP desk, also Victorian walnut couch.
642-5722
O&E
